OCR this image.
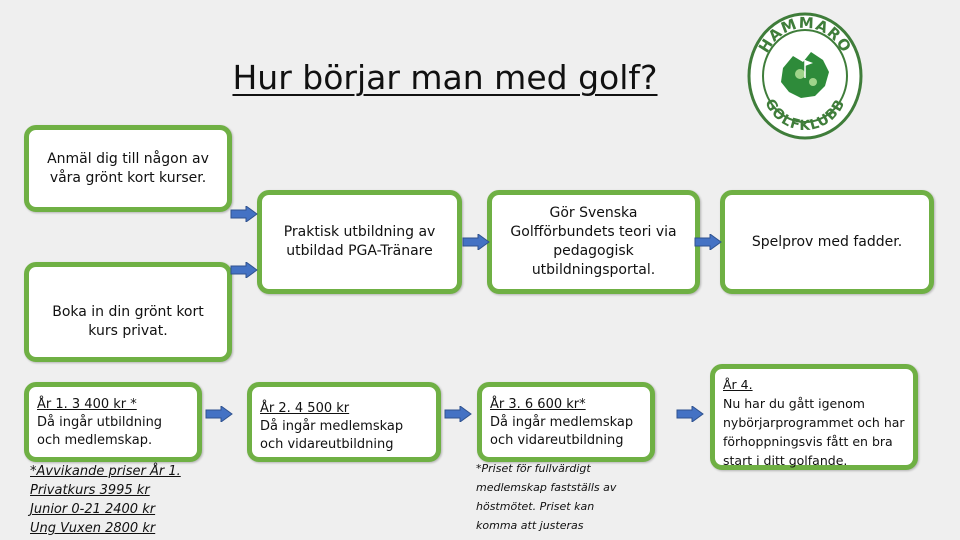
Hur börjar man med golf?
HAMMARÖ
GOLFKLUBB
Anmäl dig till någon av våra grönt kort kurser.
Boka in din grönt kort kurs privat.
Praktisk utbildning av utbildad PGA-Tränare
Gör Svenska Golfförbundets teori via pedagogisk utbildningsportal.
Spelprov med fadder.
År 1. 3 400 kr *
Då ingår utbildning och medlemskap.
År 2. 4 500 kr
Då ingår medlemskap och vidareutbildning
År 3. 6 600 kr*
Då ingår medlemskap och vidareutbildning
År 4.
Nu har du gått igenom nybörjarprogrammet och har förhoppningsvis fått en bra start i ditt golfande.
*Avvikande priser År 1.
Privatkurs 3995 kr
Junior 0-21 2400 kr
Ung Vuxen 2800 kr
*Priset för fullvärdigt
medlemskap fastställs av
höstmötet. Priset kan
komma att justeras
